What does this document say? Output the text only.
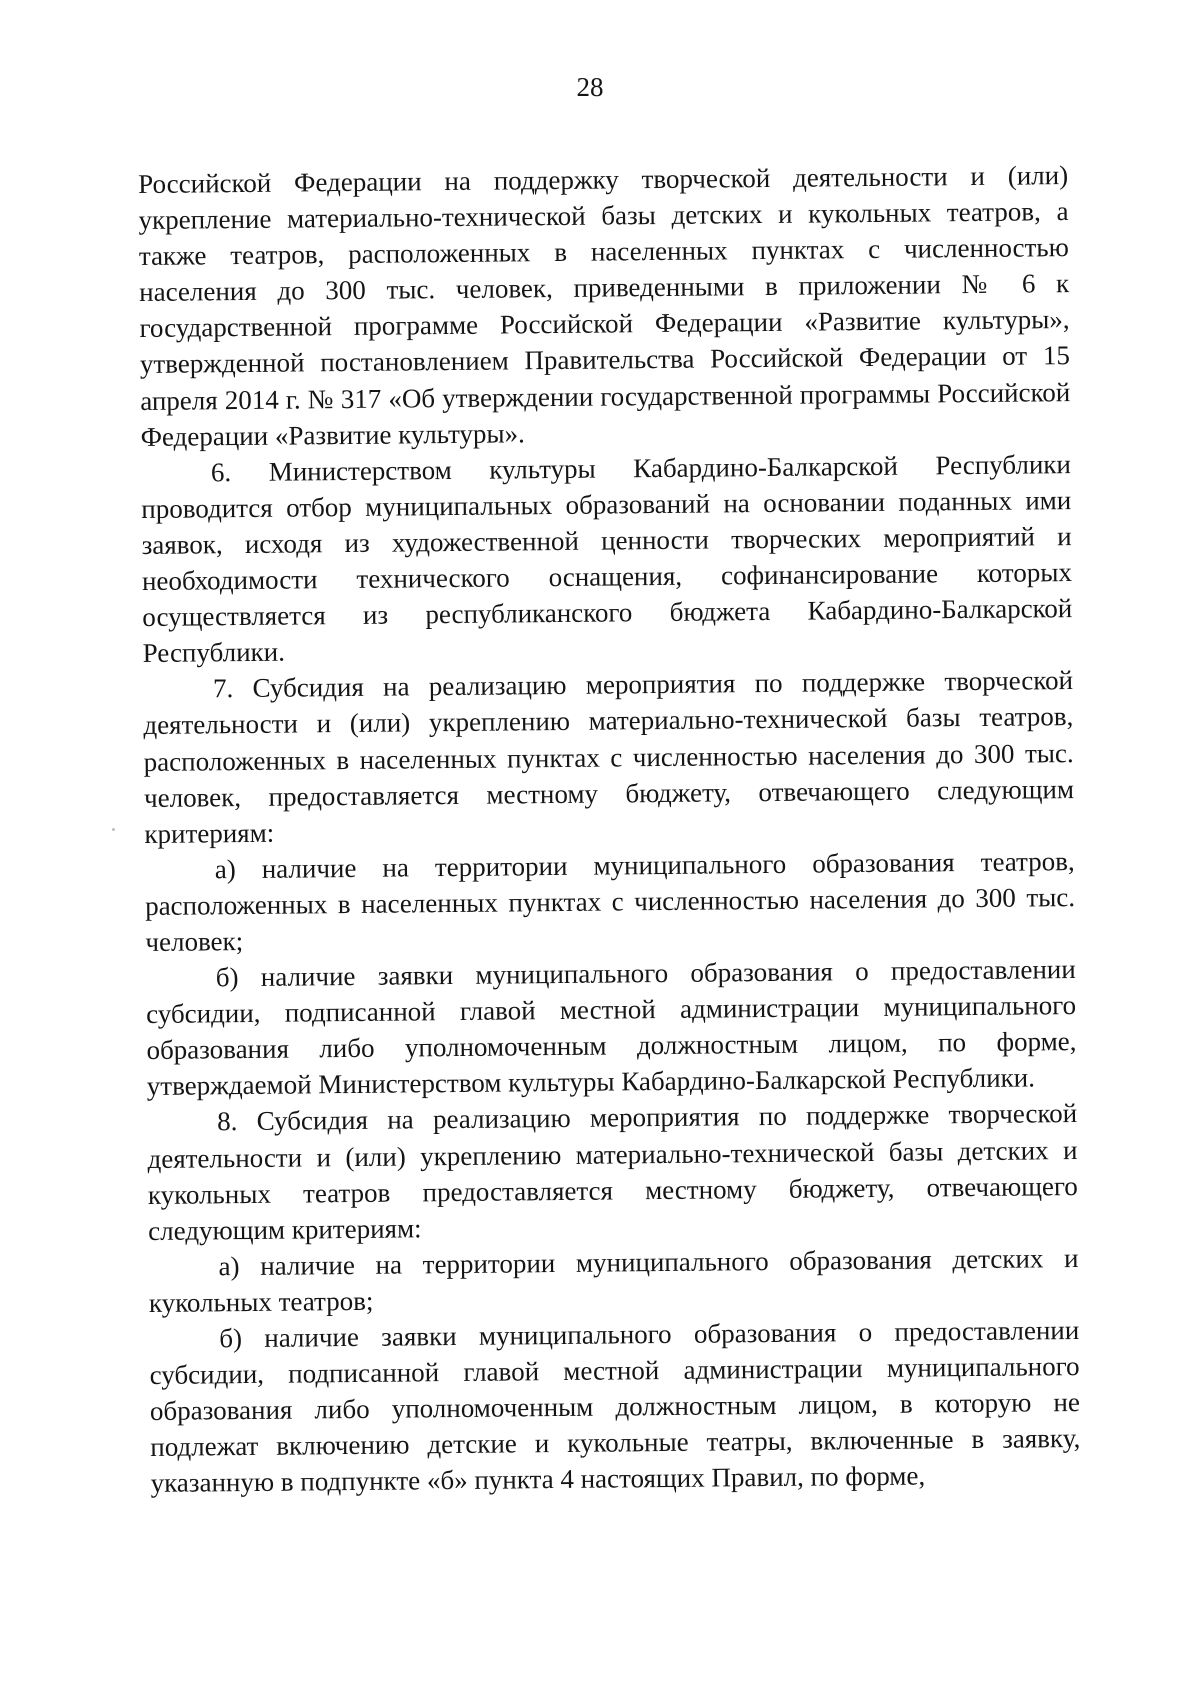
28

Российской Федерации на поддержку творческой деятельности и (или) укрепление материально-технической базы детских и кукольных театров, а также театров, расположенных в населенных пунктах с численностью населения до 300 тыс. человек, приведенными в приложении № 6 к государственной программе Российской Федерации «Развитие культуры», утвержденной постановлением Правительства Российской Федерации от 15 апреля 2014 г. № 317 «Об утверждении государственной программы Российской Федерации «Развитие культуры».

6. Министерством культуры Кабардино-Балкарской Республики проводится отбор муниципальных образований на основании поданных ими заявок, исходя из художественной ценности творческих мероприятий и необходимости технического оснащения, софинансирование которых осуществляется из республиканского бюджета Кабардино-Балкарской Республики.

7. Субсидия на реализацию мероприятия по поддержке творческой деятельности и (или) укреплению материально-технической базы театров, расположенных в населенных пунктах с численностью населения до 300 тыс. человек, предоставляется местному бюджету, отвечающего следующим критериям:

а) наличие на территории муниципального образования театров, расположенных в населенных пунктах с численностью населения до 300 тыс. человек;

б) наличие заявки муниципального образования о предоставлении субсидии, подписанной главой местной администрации муниципального образования либо уполномоченным должностным лицом, по форме, утверждаемой Министерством культуры Кабардино-Балкарской Республики.

8. Субсидия на реализацию мероприятия по поддержке творческой деятельности и (или) укреплению материально-технической базы детских и кукольных театров предоставляется местному бюджету, отвечающего следующим критериям:

а) наличие на территории муниципального образования детских и кукольных театров;

б) наличие заявки муниципального образования о предоставлении субсидии, подписанной главой местной администрации муниципального образования либо уполномоченным должностным лицом, в которую не подлежат включению детские и кукольные театры, включенные в заявку, указанную в подпункте «б» пункта 4 настоящих Правил, по форме,
